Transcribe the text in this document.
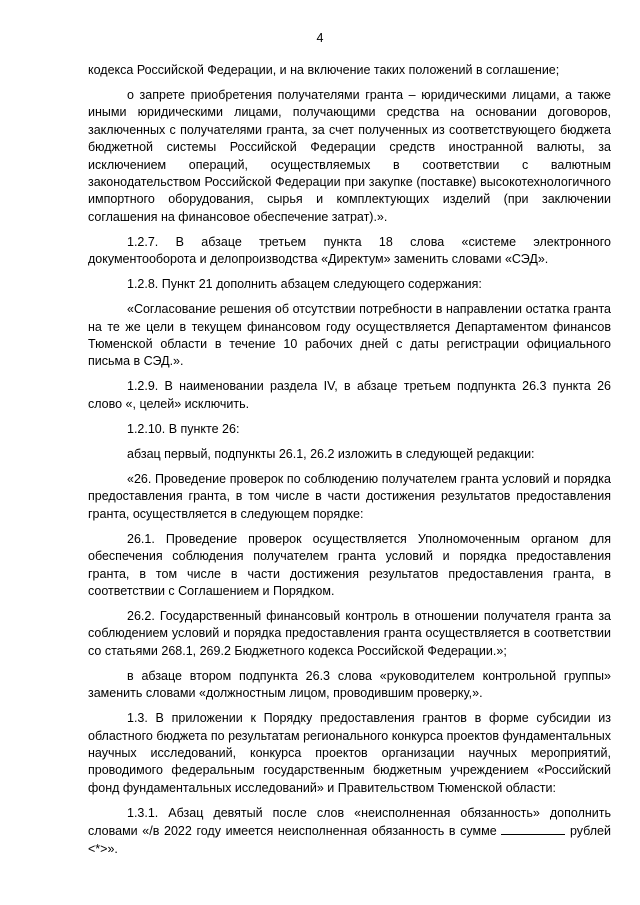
4

кодекса Российской Федерации, и на включение таких положений в соглашение;

о запрете приобретения получателями гранта – юридическими лицами, а также иными юридическими лицами, получающими средства на основании договоров, заключенных с получателями гранта, за счет полученных из соответствующего бюджета бюджетной системы Российской Федерации средств иностранной валюты, за исключением операций, осуществляемых в соответствии с валютным законодательством Российской Федерации при закупке (поставке) высокотехнологичного импортного оборудования, сырья и комплектующих изделий (при заключении соглашения на финансовое обеспечение затрат).».

1.2.7. В абзаце третьем пункта 18 слова «системе электронного документооборота и делопроизводства «Директум» заменить словами «СЭД».

1.2.8. Пункт 21 дополнить абзацем следующего содержания:

«Согласование решения об отсутствии потребности в направлении остатка гранта на те же цели в текущем финансовом году осуществляется Департаментом финансов Тюменской области в течение 10 рабочих дней с даты регистрации официального письма в СЭД.».

1.2.9. В наименовании раздела IV, в абзаце третьем подпункта 26.3 пункта 26 слово «, целей» исключить.

1.2.10. В пункте 26:

абзац первый, подпункты 26.1, 26.2 изложить в следующей редакции:

«26. Проведение проверок по соблюдению получателем гранта условий и порядка предоставления гранта, в том числе в части достижения результатов предоставления гранта, осуществляется в следующем порядке:

26.1. Проведение проверок осуществляется Уполномоченным органом для обеспечения соблюдения получателем гранта условий и порядка предоставления гранта, в том числе в части достижения результатов предоставления гранта, в соответствии с Соглашением и Порядком.

26.2. Государственный финансовый контроль в отношении получателя гранта за соблюдением условий и порядка предоставления гранта осуществляется в соответствии со статьями 268.1, 269.2 Бюджетного кодекса Российской Федерации.»;

в абзаце втором подпункта 26.3 слова «руководителем контрольной группы» заменить словами «должностным лицом, проводившим проверку,».

1.3. В приложении к Порядку предоставления грантов в форме субсидии из областного бюджета по результатам регионального конкурса проектов фундаментальных научных исследований, конкурса проектов организации научных мероприятий, проводимого федеральным государственным бюджетным учреждением «Российский фонд фундаментальных исследований» и Правительством Тюменской области:

1.3.1. Абзац девятый после слов «неисполненная обязанность» дополнить словами «/в 2022 году имеется неисполненная обязанность в сумме	рублей <*>».
